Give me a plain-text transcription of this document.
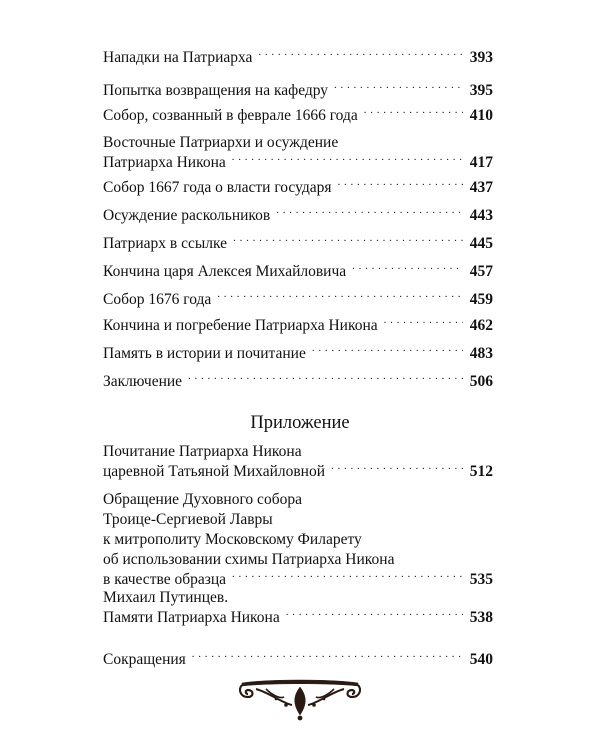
Нападки на Патриарха . . .	393
Попытка возвращения на кафедру . . .	395
Собор, созванный в феврале 1666 года . . .	410
Восточные Патриархи и осуждение
Патриарха Никона . . .	417
Собор 1667 года о власти государя . . .	437
Осуждение раскольников . . .	443
Патриарх в ссылке . . .	445
Кончина царя Алексея Михайловича . . .	457
Собор 1676 года . . .	459
Кончина и погребение Патриарха Никона . . .	462
Память в истории и почитание . . .	483
Заключение . . .	506
Приложение
Почитание Патриарха Никона
царевной Татьяной Михайловной . . .	512
Обращение Духовного собора
Троице-Сергиевой Лавры
к митрополиту Московскому Филарету
об использовании схимы Патриарха Никона
в качестве образца . . .	535
Михаил Путинцев.
Памяти Патриарха Никона . . .	538
Сокращения . . .	540
